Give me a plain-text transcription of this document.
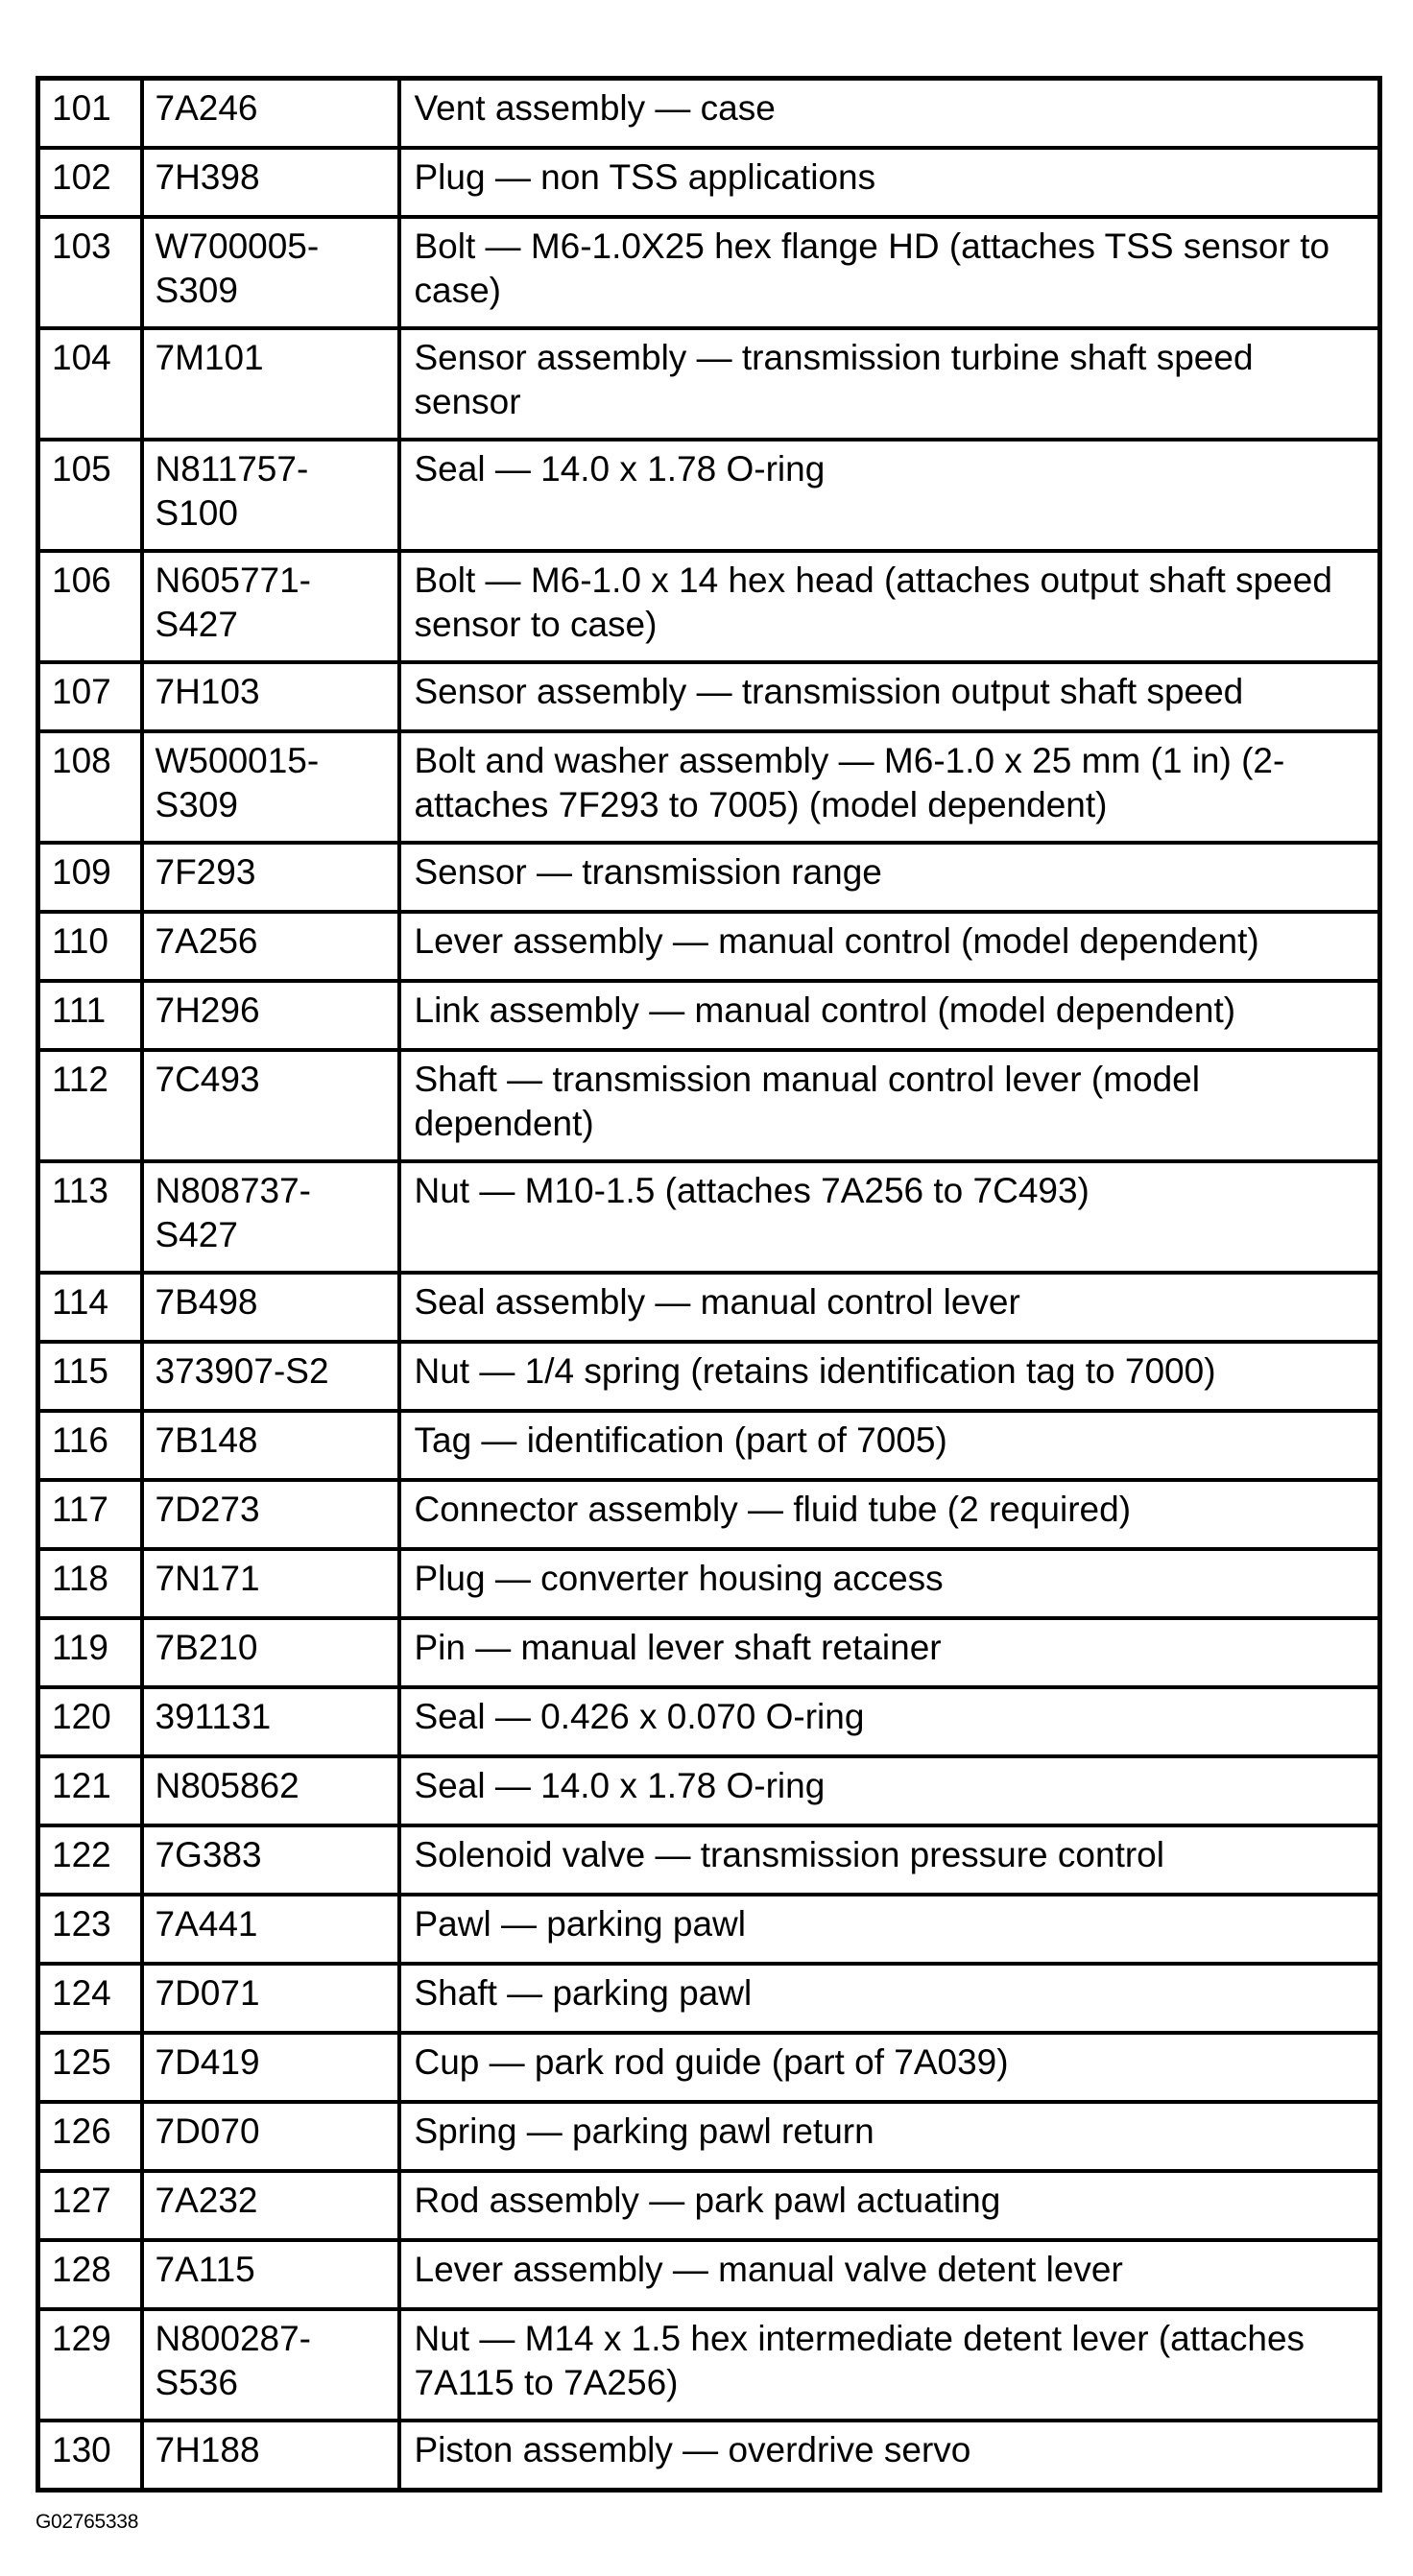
101	7A246	Vent assembly — case
102	7H398	Plug — non TSS applications
103	W700005-S309	Bolt — M6-1.0X25 hex flange HD (attaches TSS sensor to case)
104	7M101	Sensor assembly — transmission turbine shaft speed sensor
105	N811757-S100	Seal — 14.0 x 1.78 O-ring
106	N605771-S427	Bolt — M6-1.0 x 14 hex head (attaches output shaft speed sensor to case)
107	7H103	Sensor assembly — transmission output shaft speed
108	W500015-S309	Bolt and washer assembly — M6-1.0 x 25 mm (1 in) (2-attaches 7F293 to 7005) (model dependent)
109	7F293	Sensor — transmission range
110	7A256	Lever assembly — manual control (model dependent)
111	7H296	Link assembly — manual control (model dependent)
112	7C493	Shaft — transmission manual control lever (model dependent)
113	N808737-S427	Nut — M10-1.5 (attaches 7A256 to 7C493)
114	7B498	Seal assembly — manual control lever
115	373907-S2	Nut — 1/4 spring (retains identification tag to 7000)
116	7B148	Tag — identification (part of 7005)
117	7D273	Connector assembly — fluid tube (2 required)
118	7N171	Plug — converter housing access
119	7B210	Pin — manual lever shaft retainer
120	391131	Seal — 0.426 x 0.070 O-ring
121	N805862	Seal — 14.0 x 1.78 O-ring
122	7G383	Solenoid valve — transmission pressure control
123	7A441	Pawl — parking pawl
124	7D071	Shaft — parking pawl
125	7D419	Cup — park rod guide (part of 7A039)
126	7D070	Spring — parking pawl return
127	7A232	Rod assembly — park pawl actuating
128	7A115	Lever assembly — manual valve detent lever
129	N800287-S536	Nut — M14 x 1.5 hex intermediate detent lever (attaches 7A115 to 7A256)
130	7H188	Piston assembly — overdrive servo
G02765338
